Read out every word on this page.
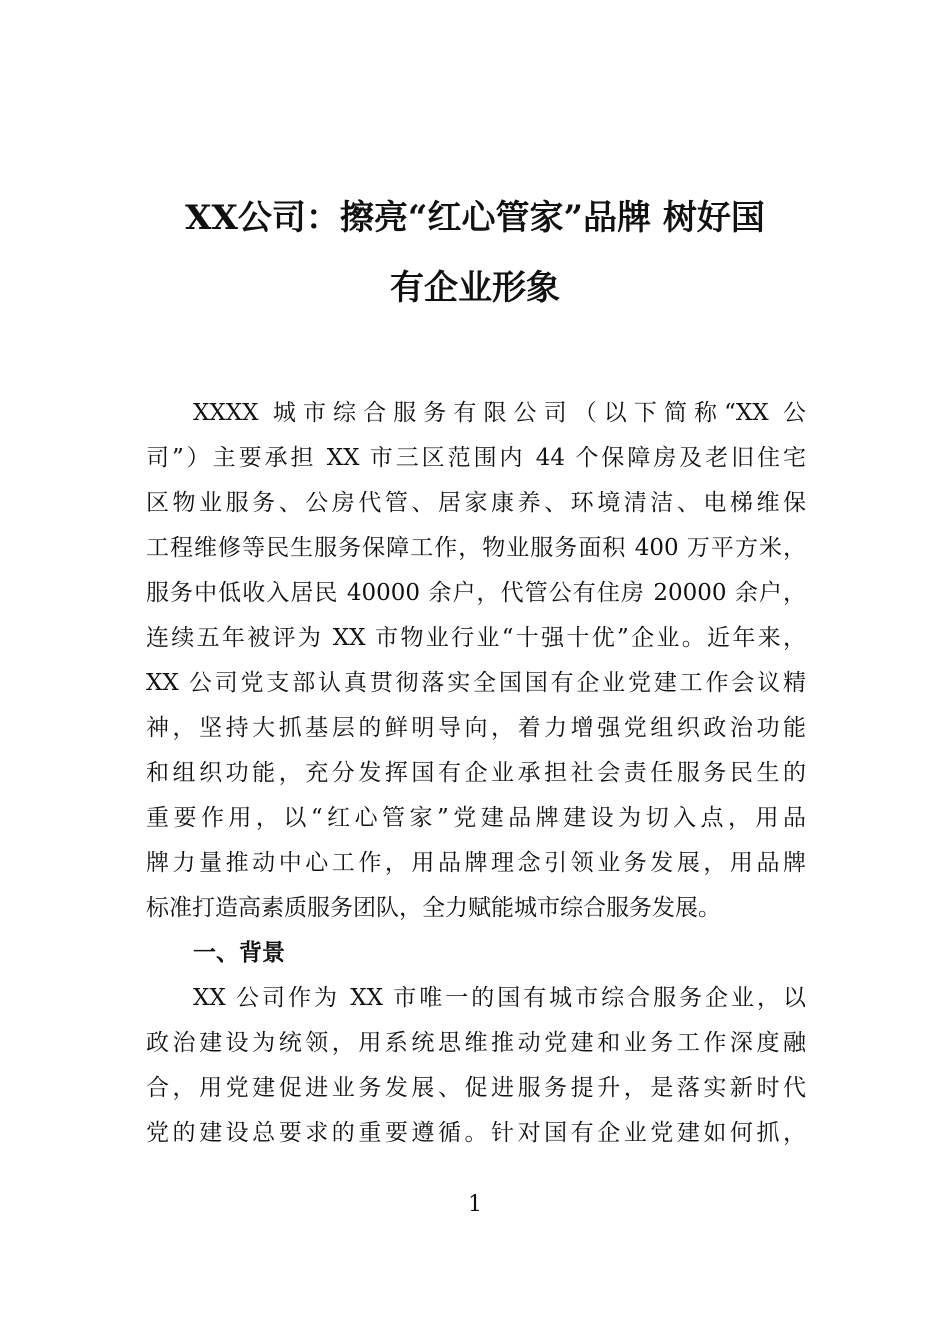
XX公司：擦亮“红心管家”品牌 树好国
有企业形象
XXXX 城市综合服务有限公司（以下简称“XX 公
司”）主要承担 XX 市三区范围内 44 个保障房及老旧住宅
区物业服务、公房代管、居家康养、环境清洁、电梯维保
工程维修等民生服务保障工作，物业服务面积 400 万平方米，
服务中低收入居民 40000 余户，代管公有住房 20000 余户，
连续五年被评为 XX 市物业行业“十强十优”企业。近年来，
XX 公司党支部认真贯彻落实全国国有企业党建工作会议精
神，坚持大抓基层的鲜明导向，着力增强党组织政治功能
和组织功能，充分发挥国有企业承担社会责任服务民生的
重要作用，以“红心管家”党建品牌建设为切入点，用品
牌力量推动中心工作，用品牌理念引领业务发展，用品牌
标准打造高素质服务团队，全力赋能城市综合服务发展。
一、背景
XX 公司作为 XX 市唯一的国有城市综合服务企业，以
政治建设为统领，用系统思维推动党建和业务工作深度融
合，用党建促进业务发展、促进服务提升，是落实新时代
党的建设总要求的重要遵循。针对国有企业党建如何抓，
1
